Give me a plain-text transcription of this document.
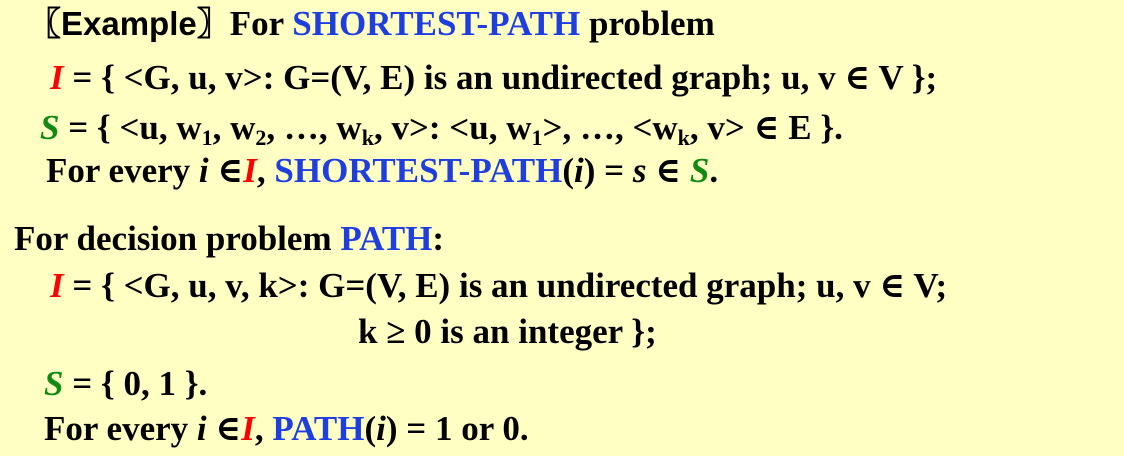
〖Example〗For SHORTEST-PATH problem
I = { <G, u, v>: G=(V, E) is an undirected graph; u, v ∈ V };
S = { <u, $w_1$, $w_2$, …, $w_k$, v>: <u, $w_1>$, …, $<w_k$, v> ∈ E }.
For every i ∈I, SHORTEST-PATH(i) = s ∈ S.
For decision problem PATH:
I = { <G, u, v, k>: G=(V, E) is an undirected graph; u, v ∈ V;
k ≥ 0 is an integer };
S = { 0, 1 }.
For every i ∈I, PATH(i) = 1 or 0.
